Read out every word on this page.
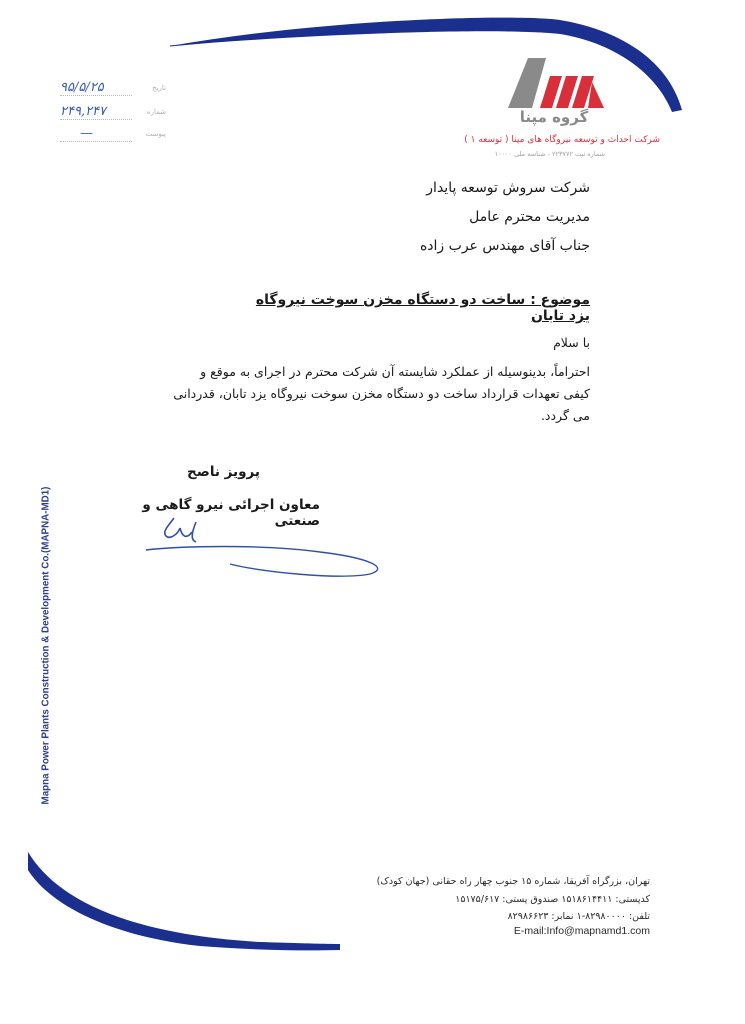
گروه مپنا
شرکت احداث و توسعه نیروگاه های مپنا ( توسعه ۱ )
شماره ثبت ۲۲۳۷۷۲ - شناسه ملی ۱۰۰۰۰
۹۵/۵/۲۵	تاریخ
۲۴۹,۲۴۷	شماره
—	پیوست
شرکت سروش توسعه پایدار
مدیریت محترم عامل
جناب آقای مهندس عرب زاده
موضوع : ساخت دو دستگاه مخزن سوخت نیروگاه یزد تابان
با سلام
احتراماً، بدینوسیله از عملکرد شایسته آن شرکت محترم در اجرای به موقع و کیفی تعهدات قرارداد ساخت دو دستگاه مخزن سوخت نیروگاه یزد تابان، قدردانی می گردد.
پرویز ناصح
معاون اجرائی نیرو گاهی و صنعتی
Mapna Power Plants Construction & Development Co.(MAPNA-MD1)
تهران، بزرگراه آفریقا، شماره ۱۵ جنوب چهار راه حقانی (جهان کودک)
کدپستی: ۱۵۱۸۶۱۴۴۱۱ صندوق پستی: ۱۵۱۷۵/۶۱۷
تلفن: ۸۲۹۸۰۰۰۰-۱ نمابر: ۸۲۹۸۶۶۲۳
E-mail:Info@mapnamd1.com
